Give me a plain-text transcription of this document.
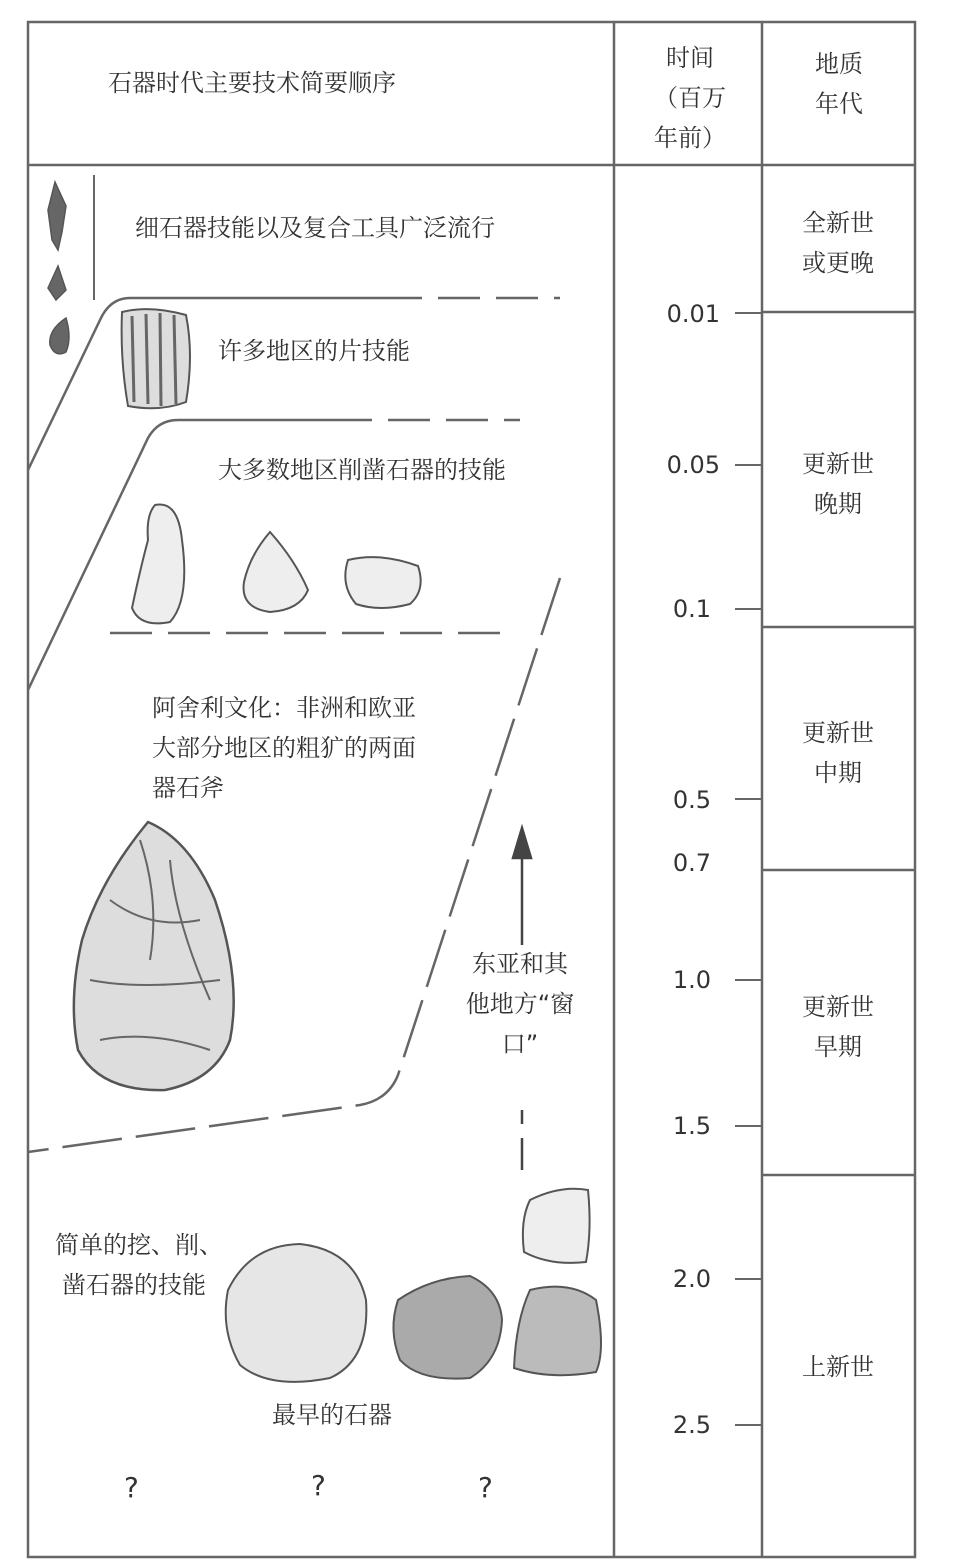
石器时代主要技术简要顺序
时间
（百万
年前）
地质
年代
细石器技能以及复合工具广泛流行
许多地区的片技能
大多数地区削凿石器的技能
阿舍利文化：非洲和欧亚
大部分地区的粗犷的两面
器石斧
东亚和其
他地方“窗
口”
简单的挖、削、
凿石器的技能
最早的石器
?	?	?
0.01
0.05
0.1
0.5
0.7
1.0
1.5
2.0
2.5
全新世
或更晚
更新世
晚期
更新世
中期
更新世
早期
上新世
